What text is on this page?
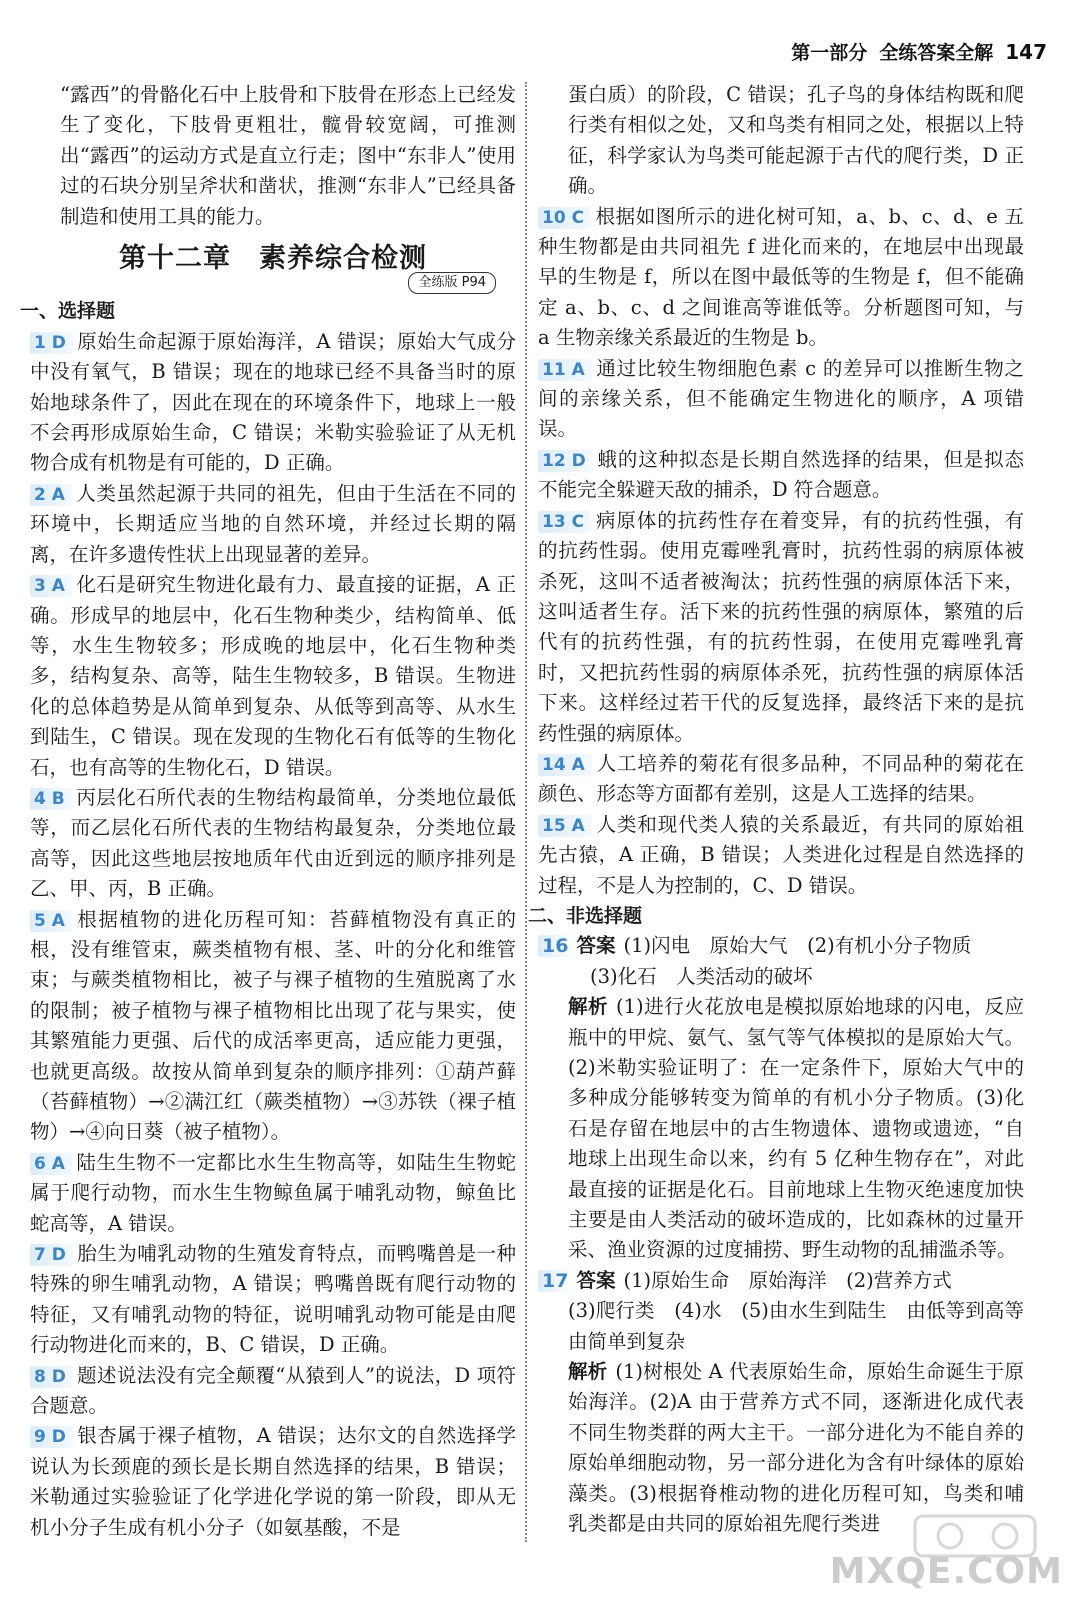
第一部分 全练答案全解 147

“露西”的骨骼化石中上肢骨和下肢骨在形态上已经发生了变化，下肢骨更粗壮，髋骨较宽阔，可推测出“露西”的运动方式是直立行走；图中“东非人”使用过的石块分别呈斧状和凿状，推测“东非人”已经具备制造和使用工具的能力。

第十二章 素养综合检测
全练版 P94
一、选择题

1 D 原始生命起源于原始海洋，A 错误；原始大气成分中没有氧气，B 错误；现在的地球已经不具备当时的原始地球条件了，因此在现在的环境条件下，地球上一般不会再形成原始生命，C 错误；米勒实验验证了从无机物合成有机物是有可能的，D 正确。

2 A 人类虽然起源于共同的祖先，但由于生活在不同的环境中，长期适应当地的自然环境，并经过长期的隔离，在许多遗传性状上出现显著的差异。

3 A 化石是研究生物进化最有力、最直接的证据，A 正确。形成早的地层中，化石生物种类少，结构简单、低等，水生生物较多；形成晚的地层中，化石生物种类多，结构复杂、高等，陆生生物较多，B 错误。生物进化的总体趋势是从简单到复杂、从低等到高等、从水生到陆生，C 错误。现在发现的生物化石有低等的生物化石，也有高等的生物化石，D 错误。

4 B 丙层化石所代表的生物结构最简单，分类地位最低等，而乙层化石所代表的生物结构最复杂，分类地位最高等，因此这些地层按地质年代由近到远的顺序排列是乙、甲、丙，B 正确。

5 A 根据植物的进化历程可知：苔藓植物没有真正的根，没有维管束，蕨类植物有根、茎、叶的分化和维管束；与蕨类植物相比，被子与裸子植物的生殖脱离了水的限制；被子植物与裸子植物相比出现了花与果实，使其繁殖能力更强、后代的成活率更高，适应能力更强，也就更高级。故按从简单到复杂的顺序排列：①葫芦藓（苔藓植物）→②满江红（蕨类植物）→③苏铁（裸子植物）→④向日葵（被子植物）。

6 A 陆生生物不一定都比水生生物高等，如陆生生物蛇属于爬行动物，而水生生物鲸鱼属于哺乳动物，鲸鱼比蛇高等，A 错误。

7 D 胎生为哺乳动物的生殖发育特点，而鸭嘴兽是一种特殊的卵生哺乳动物，A 错误；鸭嘴兽既有爬行动物的特征，又有哺乳动物的特征，说明哺乳动物可能是由爬行动物进化而来的，B、C 错误，D 正确。

8 D 题述说法没有完全颠覆“从猿到人”的说法，D 项符合题意。

9 D 银杏属于裸子植物，A 错误；达尔文的自然选择学说认为长颈鹿的颈长是长期自然选择的结果，B 错误；米勒通过实验验证了化学进化学说的第一阶段，即从无机小分子生成有机小分子（如氨基酸，不是

蛋白质）的阶段，C 错误；孔子鸟的身体结构既和爬行类有相似之处，又和鸟类有相同之处，根据以上特征，科学家认为鸟类可能起源于古代的爬行类，D 正确。

10 C 根据如图所示的进化树可知，a、b、c、d、e 五种生物都是由共同祖先 f 进化而来的，在地层中出现最早的生物是 f，所以在图中最低等的生物是 f，但不能确定 a、b、c、d 之间谁高等谁低等。分析题图可知，与 a 生物亲缘关系最近的生物是 b。

11 A 通过比较生物细胞色素 c 的差异可以推断生物之间的亲缘关系，但不能确定生物进化的顺序，A 项错误。

12 D 蛾的这种拟态是长期自然选择的结果，但是拟态不能完全躲避天敌的捕杀，D 符合题意。

13 C 病原体的抗药性存在着变异，有的抗药性强，有的抗药性弱。使用克霉唑乳膏时，抗药性弱的病原体被杀死，这叫不适者被淘汰；抗药性强的病原体活下来，这叫适者生存。活下来的抗药性强的病原体，繁殖的后代有的抗药性强，有的抗药性弱，在使用克霉唑乳膏时，又把抗药性弱的病原体杀死，抗药性强的病原体活下来。这样经过若干代的反复选择，最终活下来的是抗药性强的病原体。

14 A 人工培养的菊花有很多品种，不同品种的菊花在颜色、形态等方面都有差别，这是人工选择的结果。

15 A 人类和现代类人猿的关系最近，有共同的原始祖先古猿，A 正确，B 错误；人类进化过程是自然选择的过程，不是人为控制的，C、D 错误。

二、非选择题

16 答案 (1)闪电　原始大气　(2)有机小分子物质

(3)化石　人类活动的破坏

解析 (1)进行火花放电是模拟原始地球的闪电，反应瓶中的甲烷、氨气、氢气等气体模拟的是原始大气。(2)米勒实验证明了：在一定条件下，原始大气中的多种成分能够转变为简单的有机小分子物质。(3)化石是存留在地层中的古生物遗体、遗物或遗迹，“自地球上出现生命以来，约有 5 亿种生物存在”，对此最直接的证据是化石。目前地球上生物灭绝速度加快主要是由人类活动的破坏造成的，比如森林的过量开采、渔业资源的过度捕捞、野生动物的乱捕滥杀等。

17 答案 (1)原始生命　原始海洋　(2)营养方式

(3)爬行类　(4)水　(5)由水生到陆生　由低等到高等　由简单到复杂

解析 (1)树根处 A 代表原始生命，原始生命诞生于原始海洋。(2)A 由于营养方式不同，逐渐进化成代表不同生物类群的两大主干。一部分进化为不能自养的原始单细胞动物，另一部分进化为含有叶绿体的原始藻类。(3)根据脊椎动物的进化历程可知，鸟类和哺乳类都是由共同的原始祖先爬行类进

MXQE.COM
